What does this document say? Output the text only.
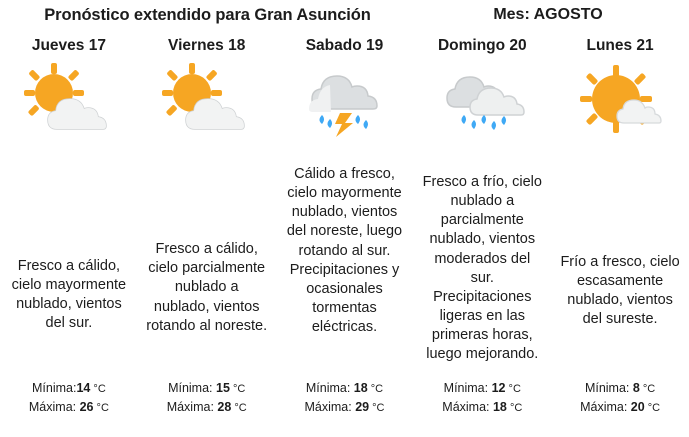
Pronóstico extendido para Gran Asunción	Mes: AGOSTO
Jueves 17
Fresco a cálido, cielo mayormente nublado, vientos del sur.
Mínima:14 °C
Máxima: 26 °C
Viernes 18
Fresco a cálido, cielo parcialmente nublado a nublado, vientos rotando al noreste.
Mínima: 15 °C
Máxima: 28 °C
Sabado 19
Cálido a fresco, cielo mayormente nublado, vientos del noreste, luego rotando al sur. Precipitaciones y ocasionales tormentas eléctricas.
Mínima: 18 °C
Máxima: 29 °C
Domingo 20
Fresco a frío, cielo nublado a parcialmente nublado, vientos moderados del sur. Precipitaciones ligeras en las primeras horas, luego mejorando.
Mínima: 12 °C
Máxima: 18 °C
Lunes 21
Frío a fresco, cielo escasamente nublado, vientos del sureste.
Mínima: 8 °C
Máxima: 20 °C
